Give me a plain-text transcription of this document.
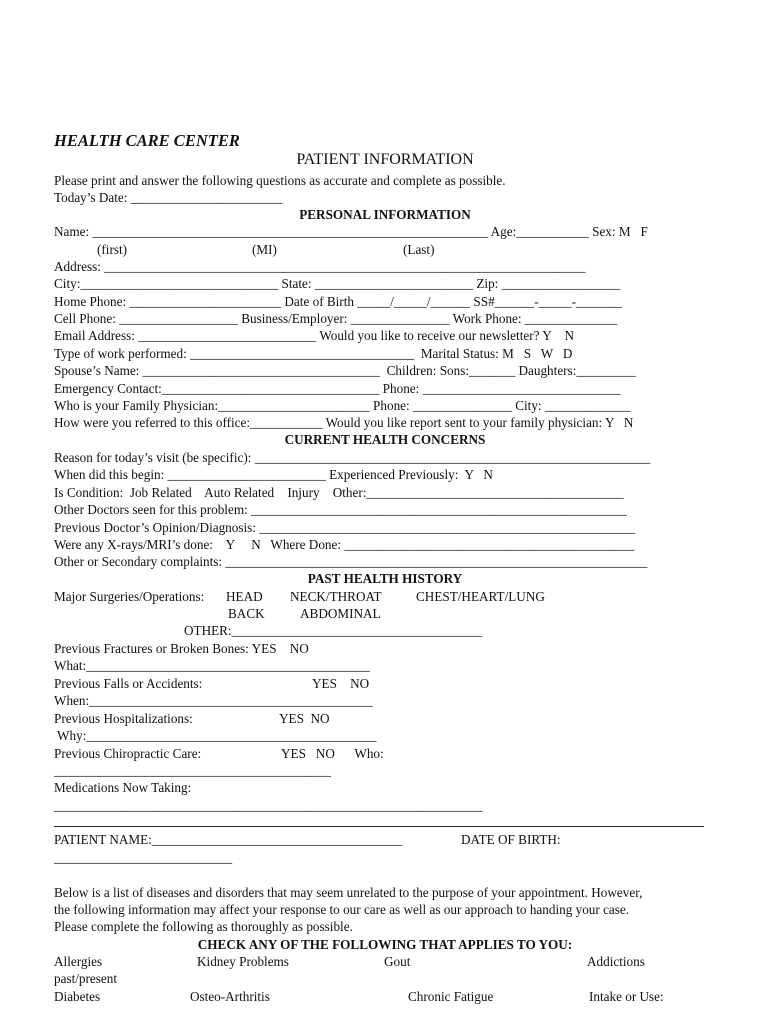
HEALTH CARE CENTER
PATIENT INFORMATION
Please print and answer the following questions as accurate and complete as possible.
Today’s Date: _______________________
PERSONAL INFORMATION
Name: ____________________________________________________________ Age:___________ Sex: M   F
(first)	(MI)	(Last)
Address: _________________________________________________________________________
City:______________________________ State: ________________________ Zip: __________________
Home Phone: _______________________ Date of Birth _____/_____/______ SS#______-_____-_______
Cell Phone: __________________ Business/Employer: _______________ Work Phone: ______________
Email Address: ___________________________ Would you like to receive our newsletter? Y    N
Type of work performed: __________________________________  Marital Status: M   S   W   D
Spouse’s Name: ____________________________________  Children: Sons:_______ Daughters:_________
Emergency Contact:_________________________________ Phone: ______________________________
Who is your Family Physician:_______________________ Phone: _______________ City: _____________
How were you referred to this office:___________ Would you like report sent to your family physician: Y   N
CURRENT HEALTH CONCERNS
Reason for today’s visit (be specific): ____________________________________________________________
When did this begin: ________________________ Experienced Previously:  Y   N
Is Condition:  Job Related    Auto Related    Injury    Other:_______________________________________
Other Doctors seen for this problem: _________________________________________________________
Previous Doctor’s Opinion/Diagnosis: _________________________________________________________
Were any X-rays/MRI’s done:    Y     N   Where Done: ____________________________________________
Other or Secondary complaints: ________________________________________________________________
PAST HEALTH HISTORY
Major Surgeries/Operations: HEAD NECK/THROAT	CHEST/HEART/LUNG
BACK	ABDOMINAL
OTHER:______________________________________
Previous Fractures or Broken Bones: YES    NO
What:___________________________________________
Previous Falls or Accidents:	YES    NO
When:___________________________________________
Previous Hospitalizations:	YES  NO
Why:____________________________________________
Previous Chiropractic Care:	YES   NO      Who:
__________________________________________
Medications Now Taking:
_________________________________________________________________
PATIENT NAME:______________________________________	DATE OF BIRTH:
___________________________
Below is a list of diseases and disorders that may seem unrelated to the purpose of your appointment. However,
the following information may affect your response to our care as well as our approach to handing your case.
Please complete the following as thoroughly as possible.
CHECK ANY OF THE FOLLOWING THAT APPLIES TO YOU:
Allergies	Kidney Problems	Gout	Addictions
past/present
Diabetes	Osteo-Arthritis	Chronic Fatigue	Intake or Use:
